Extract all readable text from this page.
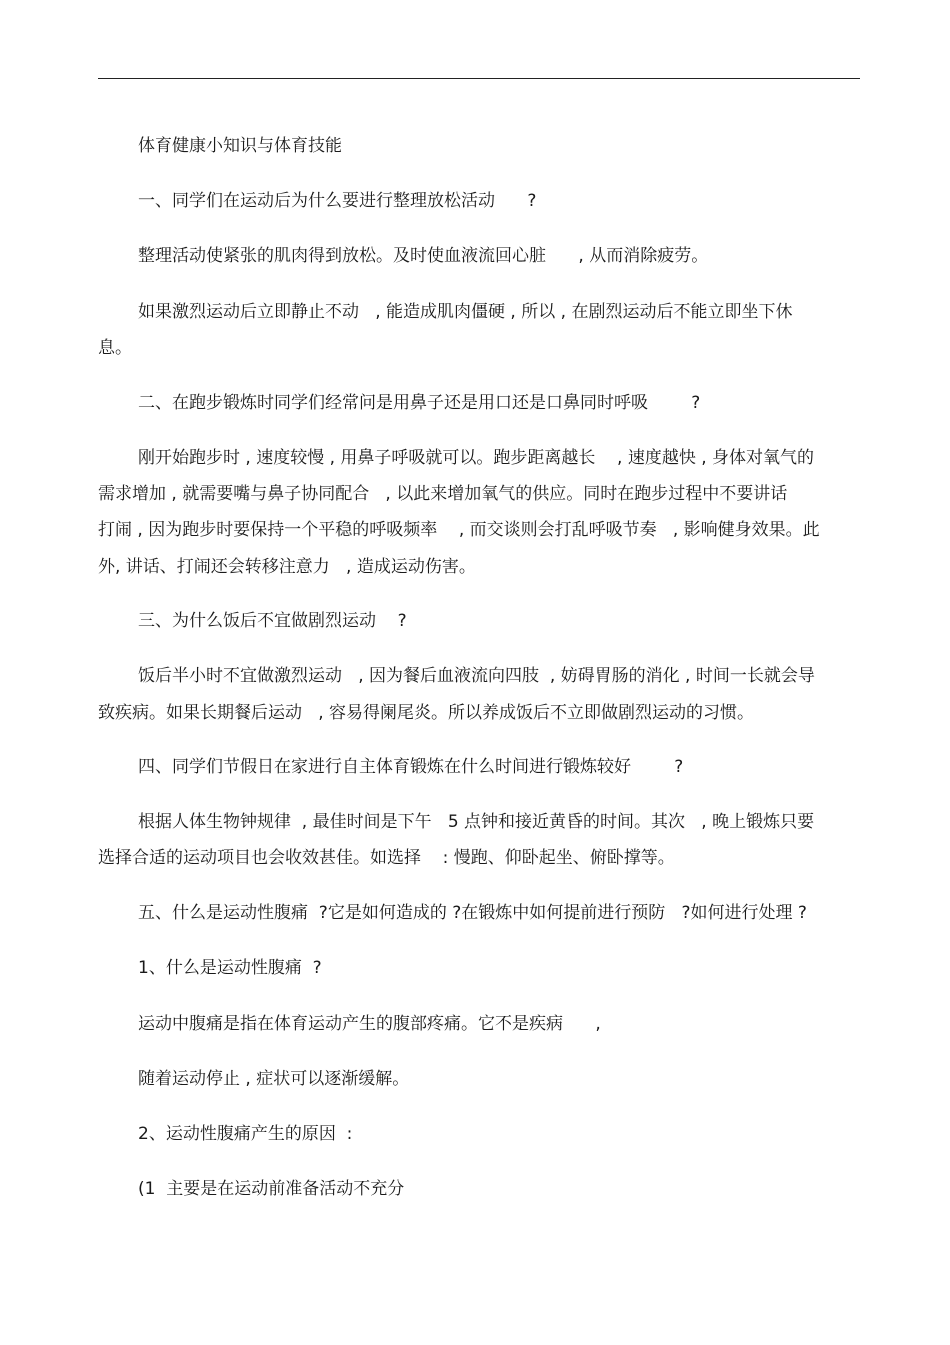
体育健康小知识与体育技能

一、同学们在运动后为什么要进行整理放松活动      ?

整理活动使紧张的肌肉得到放松。及时使血液流回心脏      , 从而消除疲劳。

如果激烈运动后立即静止不动   , 能造成肌肉僵硬 , 所以 , 在剧烈运动后不能立即坐下休

息。

二、在跑步锻炼时同学们经常问是用鼻子还是用口还是口鼻同时呼吸        ?

刚开始跑步时 , 速度较慢 , 用鼻子呼吸就可以。跑步距离越长    , 速度越快 , 身体对氧气的

需求增加 , 就需要嘴与鼻子协同配合   , 以此来增加氧气的供应。同时在跑步过程中不要讲话

打闹 , 因为跑步时要保持一个平稳的呼吸频率    , 而交谈则会打乱呼吸节奏   , 影响健身效果。此

外, 讲话、打闹还会转移注意力   , 造成运动伤害。

三、为什么饭后不宜做剧烈运动    ?

饭后半小时不宜做激烈运动   , 因为餐后血液流向四肢  , 妨碍胃肠的消化 , 时间一长就会导

致疾病。如果长期餐后运动   , 容易得阑尾炎。所以养成饭后不立即做剧烈运动的习惯。

四、同学们节假日在家进行自主体育锻炼在什么时间进行锻炼较好        ?

根据人体生物钟规律  , 最佳时间是下午   5 点钟和接近黄昏的时间。其次   , 晚上锻炼只要

选择合适的运动项目也会收效甚佳。如选择    : 慢跑、仰卧起坐、俯卧撑等。

五、什么是运动性腹痛  ?它是如何造成的 ?在锻炼中如何提前进行预防   ?如何进行处理 ?

1、什么是运动性腹痛  ?

运动中腹痛是指在体育运动产生的腹部疼痛。它不是疾病      ,

随着运动停止 , 症状可以逐渐缓解。

2、运动性腹痛产生的原因  :

(1  主要是在运动前准备活动不充分
